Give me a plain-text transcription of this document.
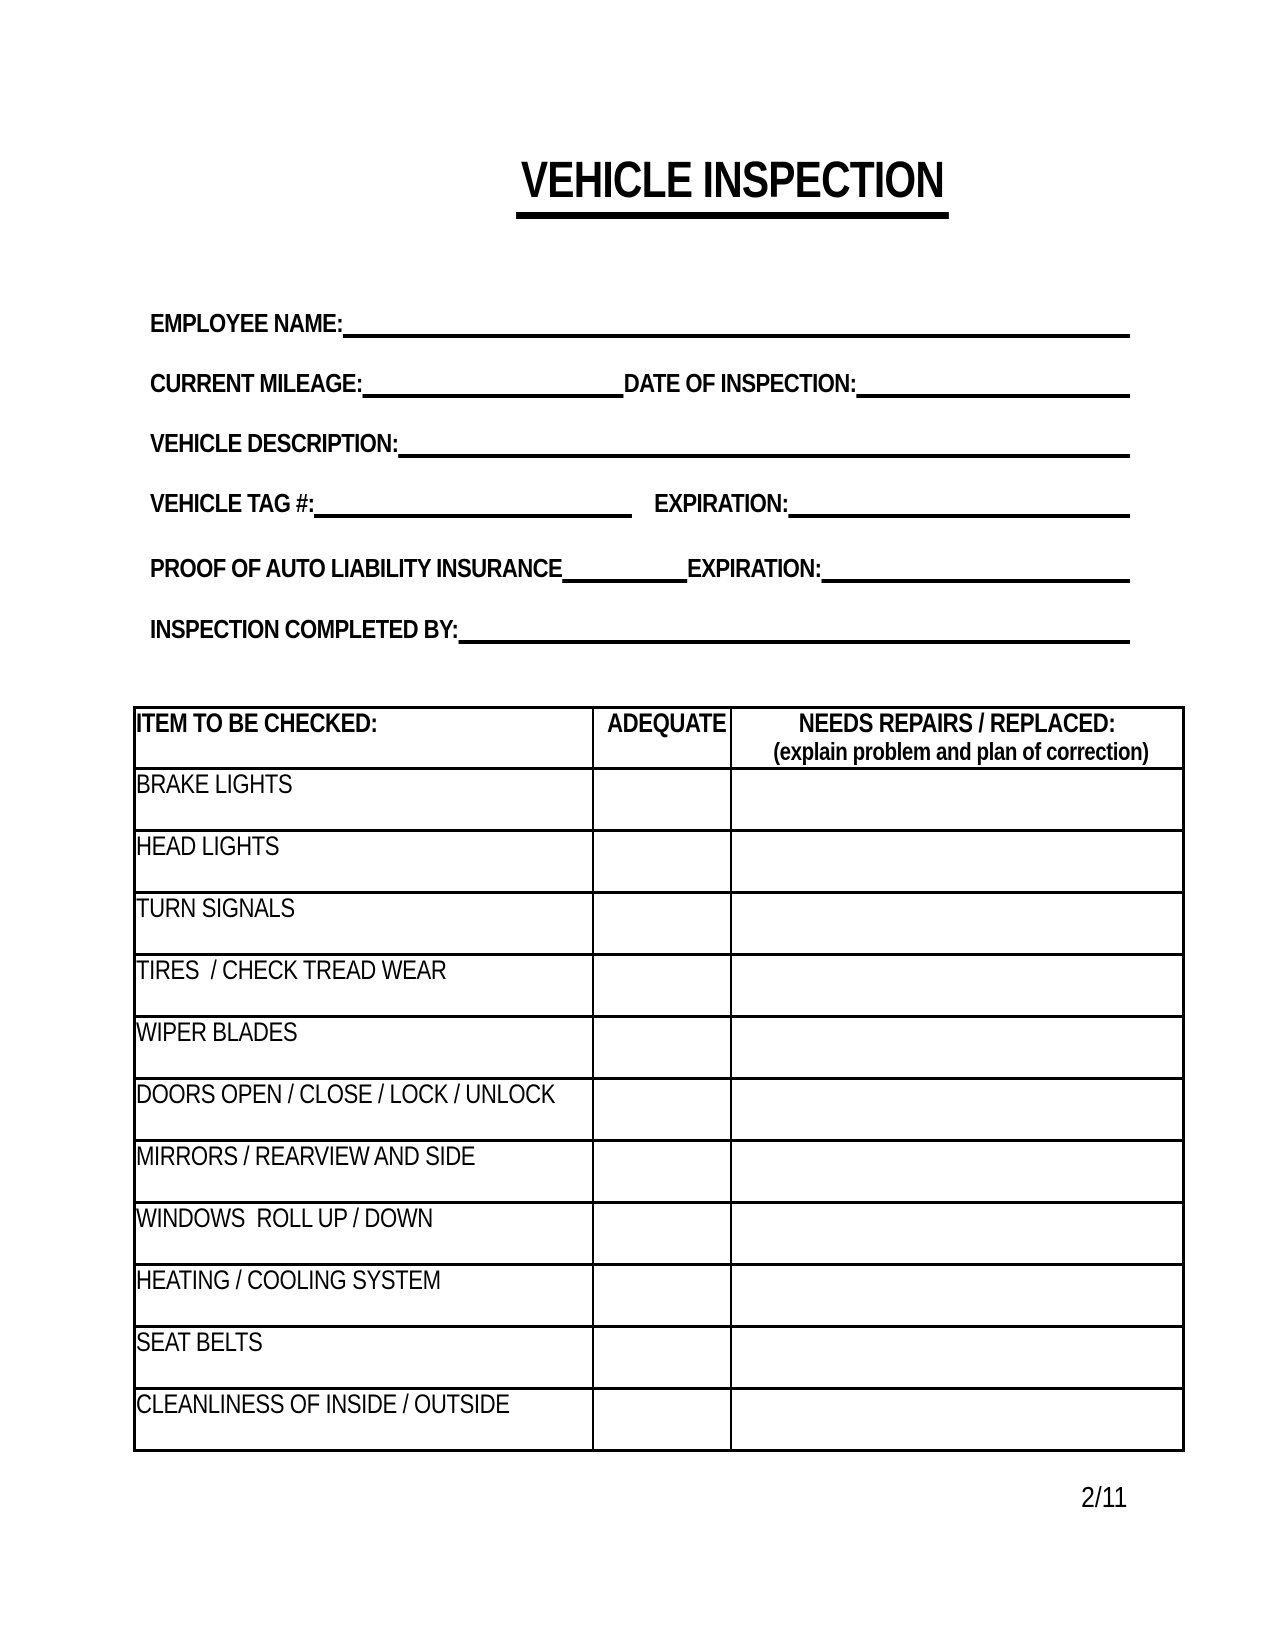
VEHICLE INSPECTION
EMPLOYEE NAME:
CURRENT MILEAGE:	DATE OF INSPECTION:
VEHICLE DESCRIPTION:
VEHICLE TAG #:	EXPIRATION:
PROOF OF AUTO LIABILITY INSURANCE	EXPIRATION:
INSPECTION COMPLETED BY:
ITEM TO BE CHECKED:	ADEQUATE	NEEDS REPAIRS / REPLACED:
(explain problem and plan of correction)

BRAKE LIGHTS		
HEAD LIGHTS		
TURN SIGNALS		
TIRES  / CHECK TREAD WEAR		
WIPER BLADES		
DOORS OPEN / CLOSE / LOCK / UNLOCK		
MIRRORS / REARVIEW AND SIDE		
WINDOWS  ROLL UP / DOWN		
HEATING / COOLING SYSTEM		
SEAT BELTS		
CLEANLINESS OF INSIDE / OUTSIDE		
2/11
